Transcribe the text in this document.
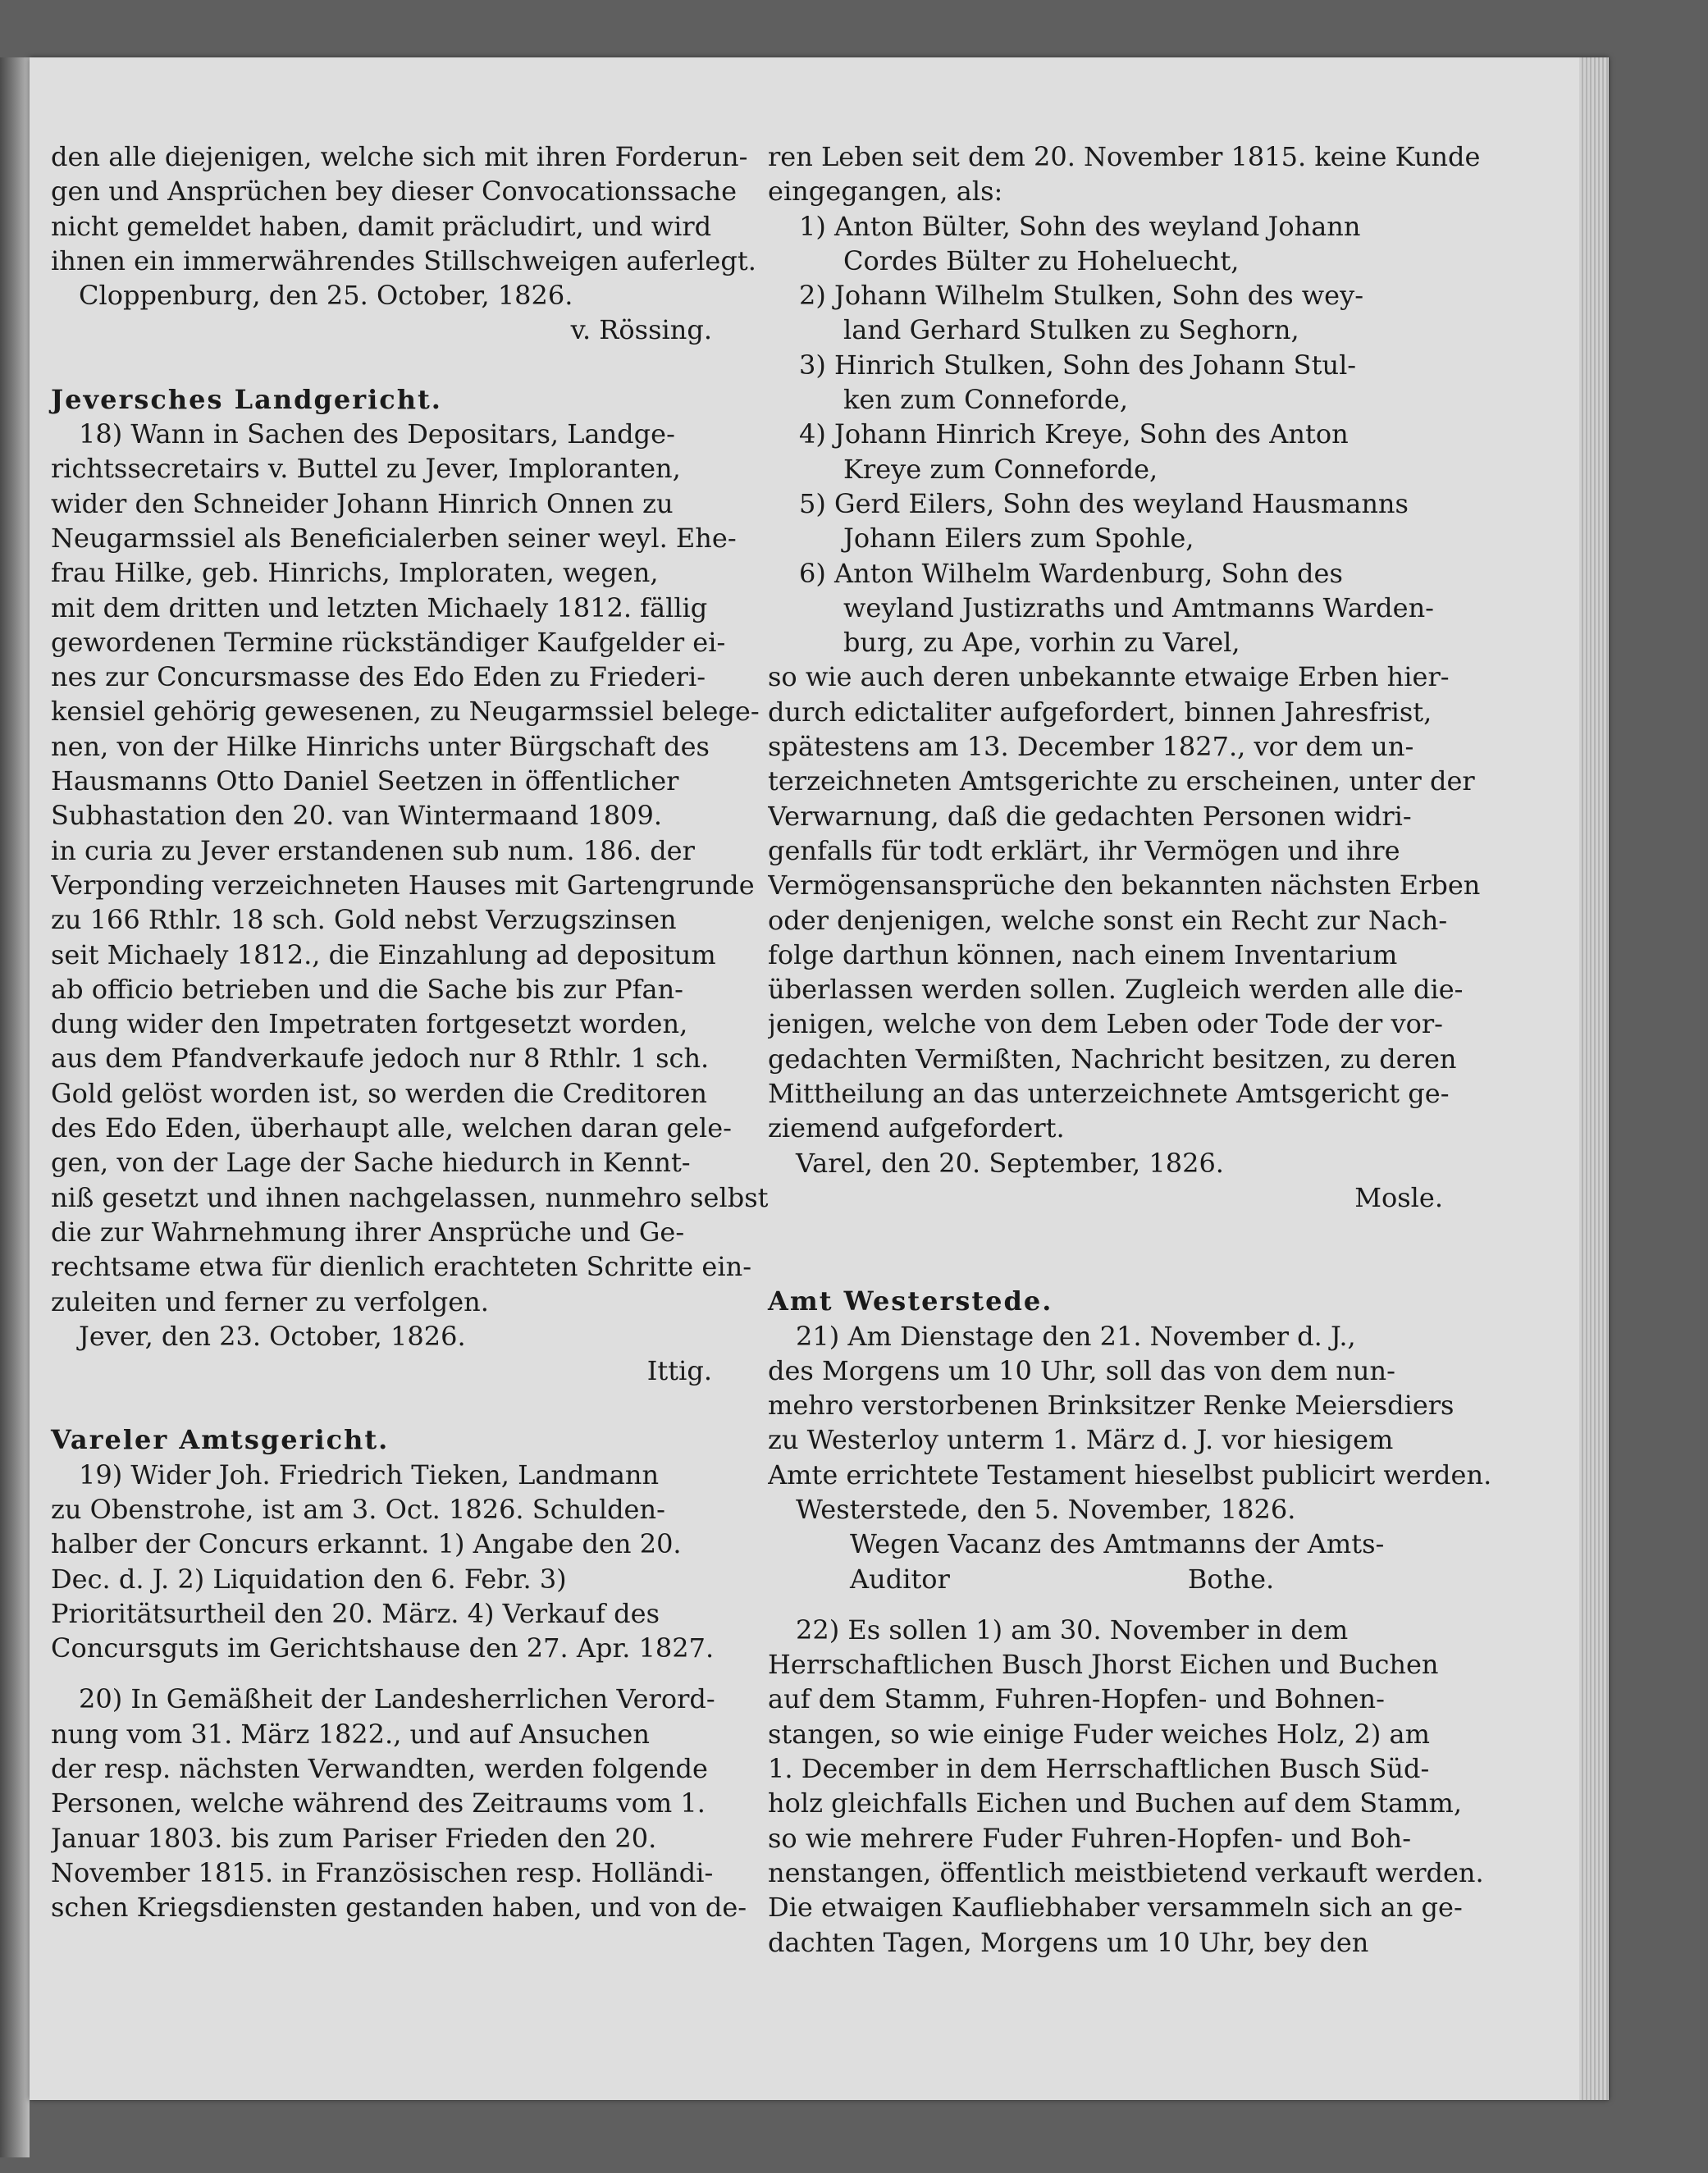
den alle diejenigen, welche sich mit ihren Forderun-
gen und Ansprüchen bey dieser Convocationssache
nicht gemeldet haben, damit präcludirt, und wird
ihnen ein immerwährendes Stillschweigen auferlegt.
Cloppenburg, den 25. October, 1826.
v. Rössing.

Jeversches Landgericht.

18) Wann in Sachen des Depositars, Landge-
richtssecretairs v. Buttel zu Jever, Imploranten,
wider den Schneider Johann Hinrich Onnen zu
Neugarmssiel als Beneficialerben seiner weyl. Ehe-
frau Hilke, geb. Hinrichs, Imploraten, wegen,
mit dem dritten und letzten Michaely 1812. fällig
gewordenen Termine rückständiger Kaufgelder ei-
nes zur Concursmasse des Edo Eden zu Friederi-
kensiel gehörig gewesenen, zu Neugarmssiel belege-
nen, von der Hilke Hinrichs unter Bürgschaft des
Hausmanns Otto Daniel Seetzen in öffentlicher
Subhastation den 20. van Wintermaand 1809.
in curia zu Jever erstandenen sub num. 186. der
Verponding verzeichneten Hauses mit Gartengrunde
zu 166 Rthlr. 18 sch. Gold nebst Verzugszinsen
seit Michaely 1812., die Einzahlung ad depositum
ab officio betrieben und die Sache bis zur Pfan-
dung wider den Impetraten fortgesetzt worden,
aus dem Pfandverkaufe jedoch nur 8 Rthlr. 1 sch.
Gold gelöst worden ist, so werden die Creditoren
des Edo Eden, überhaupt alle, welchen daran gele-
gen, von der Lage der Sache hiedurch in Kennt-
niß gesetzt und ihnen nachgelassen, nunmehro selbst
die zur Wahrnehmung ihrer Ansprüche und Ge-
rechtsame etwa für dienlich erachteten Schritte ein-
zuleiten und ferner zu verfolgen.
Jever, den 23. October, 1826.
Ittig.

Vareler Amtsgericht.

19) Wider Joh. Friedrich Tieken, Landmann
zu Obenstrohe, ist am 3. Oct. 1826. Schulden-
halber der Concurs erkannt. 1) Angabe den 20.
Dec. d. J. 2) Liquidation den 6. Febr. 3)
Prioritätsurtheil den 20. März. 4) Verkauf des
Concursguts im Gerichtshause den 27. Apr. 1827.

20) In Gemäßheit der Landesherrlichen Verord-
nung vom 31. März 1822., und auf Ansuchen
der resp. nächsten Verwandten, werden folgende
Personen, welche während des Zeitraums vom 1.
Januar 1803. bis zum Pariser Frieden den 20.
November 1815. in Französischen resp. Holländi-
schen Kriegsdiensten gestanden haben, und von de-

ren Leben seit dem 20. November 1815. keine Kunde
eingegangen, als:

1) Anton Bülter, Sohn des weyland Johann
Cordes Bülter zu Hoheluecht,
2) Johann Wilhelm Stulken, Sohn des wey-
land Gerhard Stulken zu Seghorn,
3) Hinrich Stulken, Sohn des Johann Stul-
ken zum Conneforde,
4) Johann Hinrich Kreye, Sohn des Anton
Kreye zum Conneforde,
5) Gerd Eilers, Sohn des weyland Hausmanns
Johann Eilers zum Spohle,
6) Anton Wilhelm Wardenburg, Sohn des
weyland Justizraths und Amtmanns Warden-
burg, zu Ape, vorhin zu Varel,

so wie auch deren unbekannte etwaige Erben hier-
durch edictaliter aufgefordert, binnen Jahresfrist,
spätestens am 13. December 1827., vor dem un-
terzeichneten Amtsgerichte zu erscheinen, unter der
Verwarnung, daß die gedachten Personen widri-
genfalls für todt erklärt, ihr Vermögen und ihre
Vermögensansprüche den bekannten nächsten Erben
oder denjenigen, welche sonst ein Recht zur Nach-
folge darthun können, nach einem Inventarium
überlassen werden sollen. Zugleich werden alle die-
jenigen, welche von dem Leben oder Tode der vor-
gedachten Vermißten, Nachricht besitzen, zu deren
Mittheilung an das unterzeichnete Amtsgericht ge-
ziemend aufgefordert.
Varel, den 20. September, 1826.
Mosle.

Amt Westerstede.

21) Am Dienstage den 21. November d. J.,
des Morgens um 10 Uhr, soll das von dem nun-
mehro verstorbenen Brinksitzer Renke Meiersdiers
zu Westerloy unterm 1. März d. J. vor hiesigem
Amte errichtete Testament hieselbst publicirt werden.
Westerstede, den 5. November, 1826.
Wegen Vacanz des Amtmanns der Amts-
Auditor	Bothe.

22) Es sollen 1) am 30. November in dem
Herrschaftlichen Busch Jhorst Eichen und Buchen
auf dem Stamm, Fuhren-Hopfen- und Bohnen-
stangen, so wie einige Fuder weiches Holz, 2) am
1. December in dem Herrschaftlichen Busch Süd-
holz gleichfalls Eichen und Buchen auf dem Stamm,
so wie mehrere Fuder Fuhren-Hopfen- und Boh-
nenstangen, öffentlich meistbietend verkauft werden.
Die etwaigen Kaufliebhaber versammeln sich an ge-
dachten Tagen, Morgens um 10 Uhr, bey den
